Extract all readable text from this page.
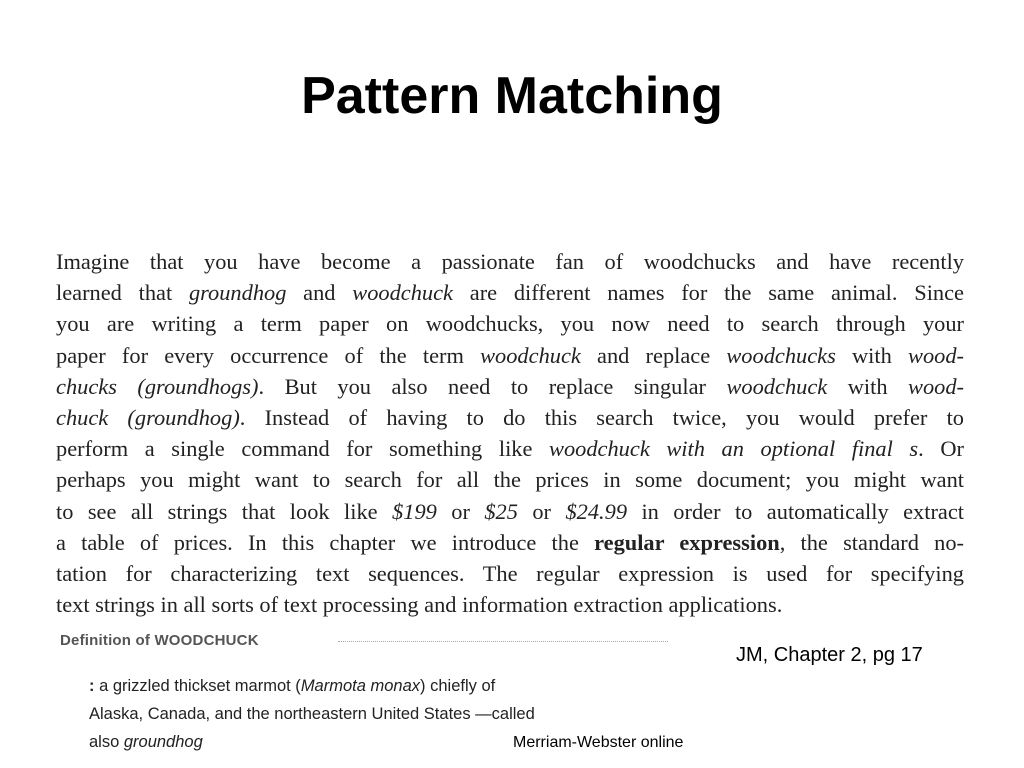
Pattern Matching
Imagine that you have become a passionate fan of woodchucks and have recently
learned that groundhog and woodchuck are different names for the same animal. Since
you are writing a term paper on woodchucks, you now need to search through your
paper for every occurrence of the term woodchuck and replace woodchucks with wood-
chucks (groundhogs). But you also need to replace singular woodchuck with wood-
chuck (groundhog). Instead of having to do this search twice, you would prefer to
perform a single command for something like woodchuck with an optional final s. Or
perhaps you might want to search for all the prices in some document; you might want
to see all strings that look like $199 or $25 or $24.99 in order to automatically extract
a table of prices. In this chapter we introduce the regular expression, the standard no-
tation for characterizing text sequences. The regular expression is used for specifying
text strings in all sorts of text processing and information extraction applications.
Definition of WOODCHUCK
: a grizzled thickset marmot (Marmota monax) chiefly of
Alaska, Canada, and the northeastern United States —called
also groundhog
JM, Chapter 2, pg 17
Merriam-Webster online
